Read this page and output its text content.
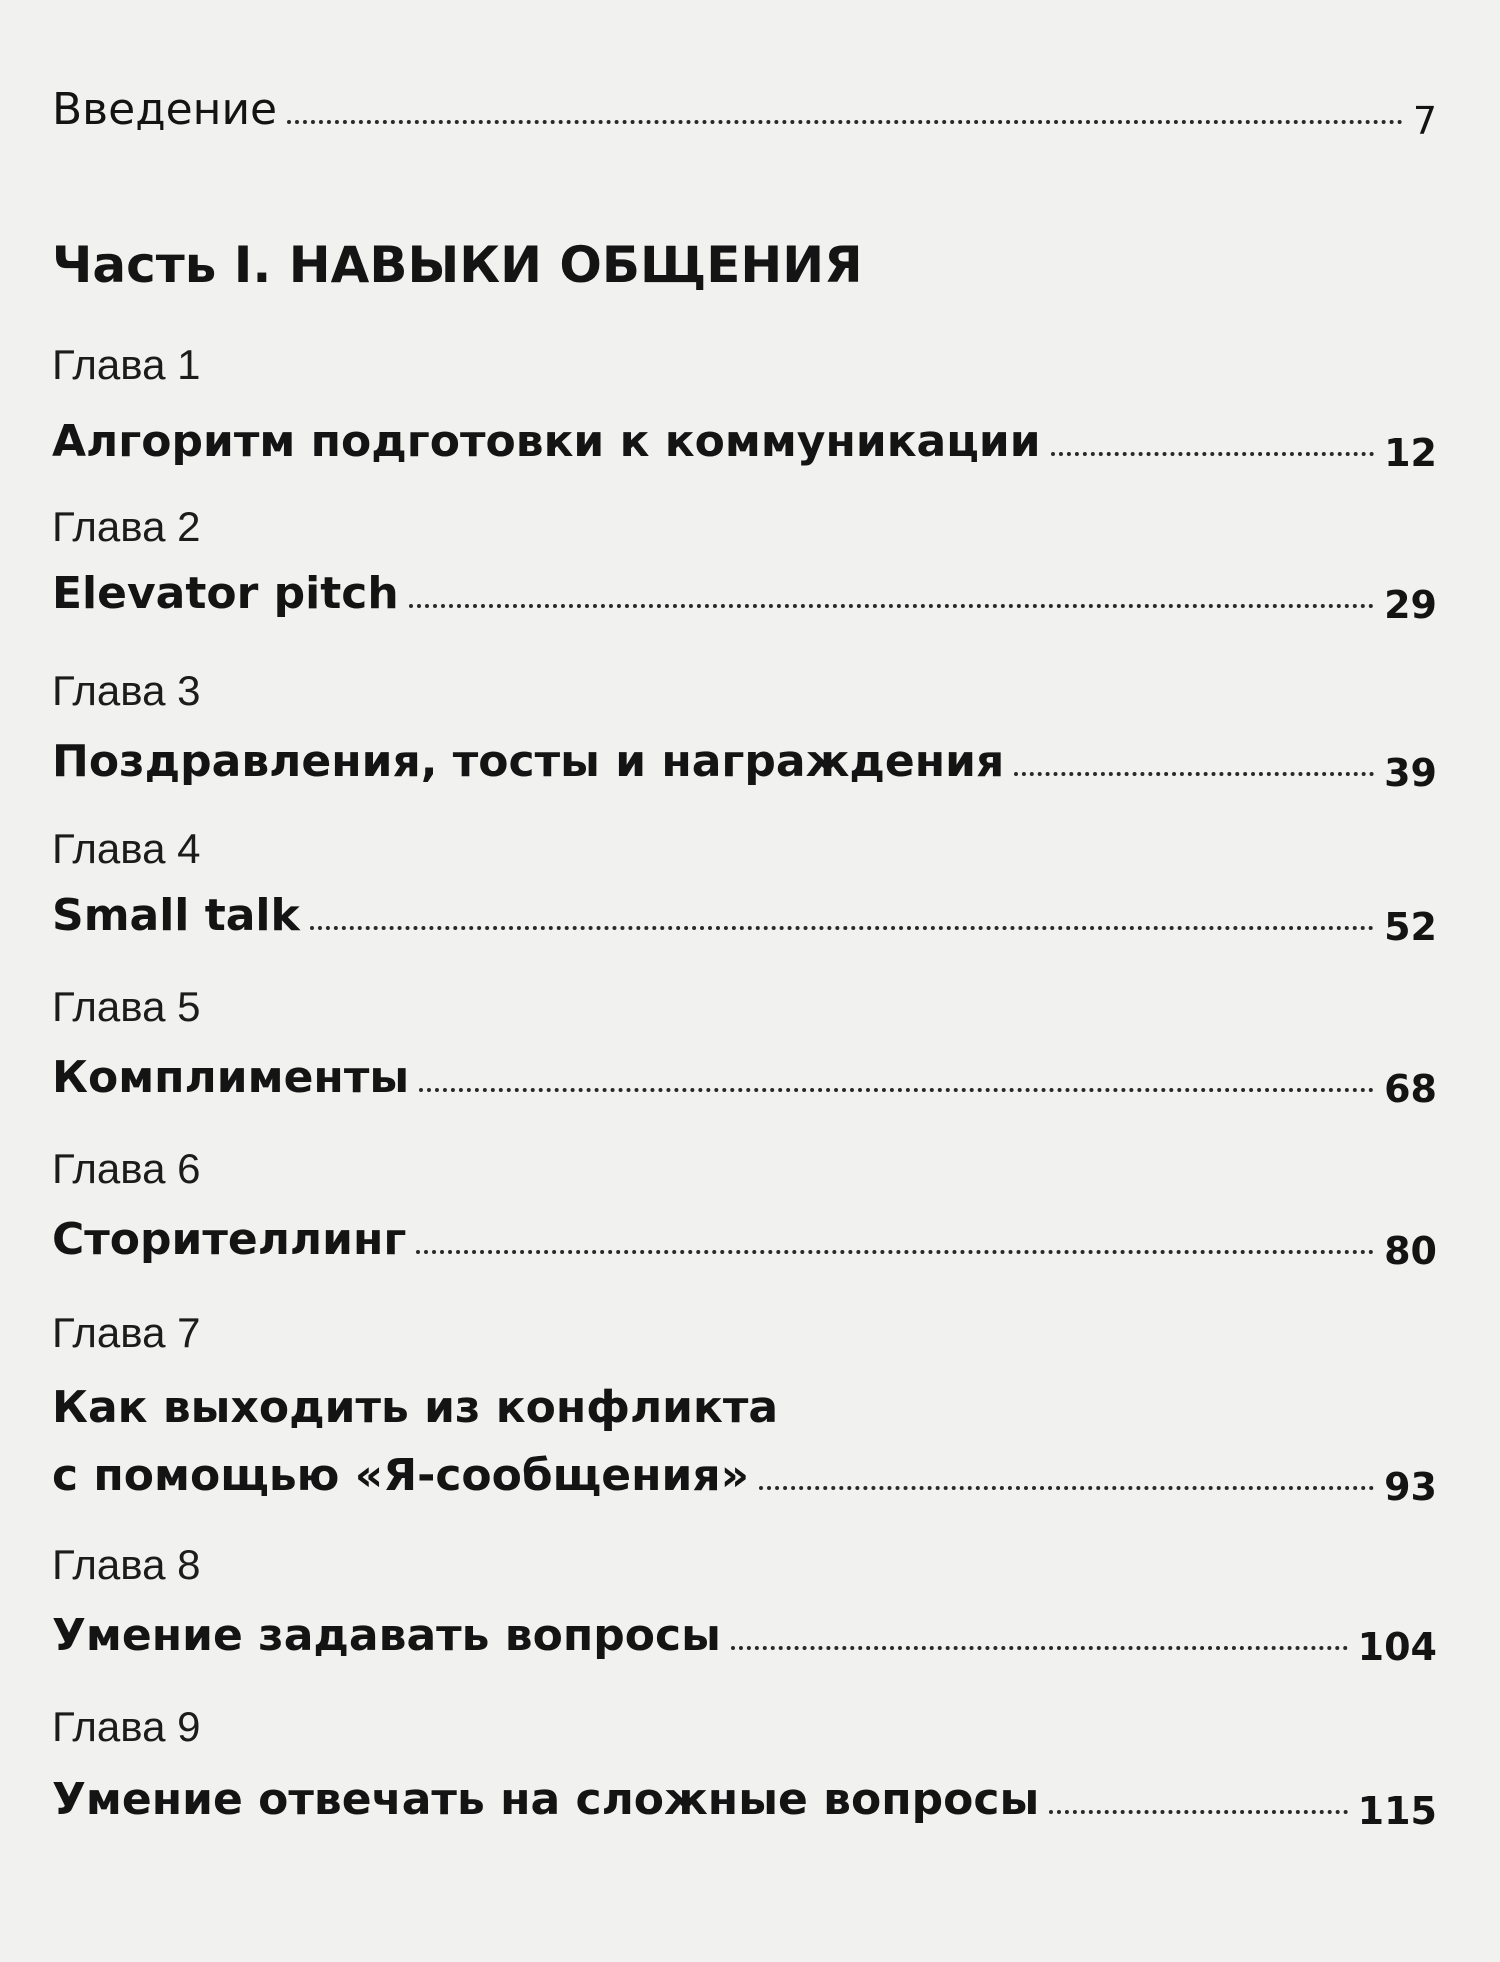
Введение	7
Часть I. НАВЫКИ ОБЩЕНИЯ
Глава 1
Алгоритм подготовки к коммуникации	12
Глава 2
Elevator pitch	29
Глава 3
Поздравления, тосты и награждения	39
Глава 4
Small talk	52
Глава 5
Комплименты	68
Глава 6
Сторителлинг	80
Глава 7
Как выходить из конфликта
с помощью «Я-сообщения»	93
Глава 8
Умение задавать вопросы	104
Глава 9
Умение отвечать на сложные вопросы	115
